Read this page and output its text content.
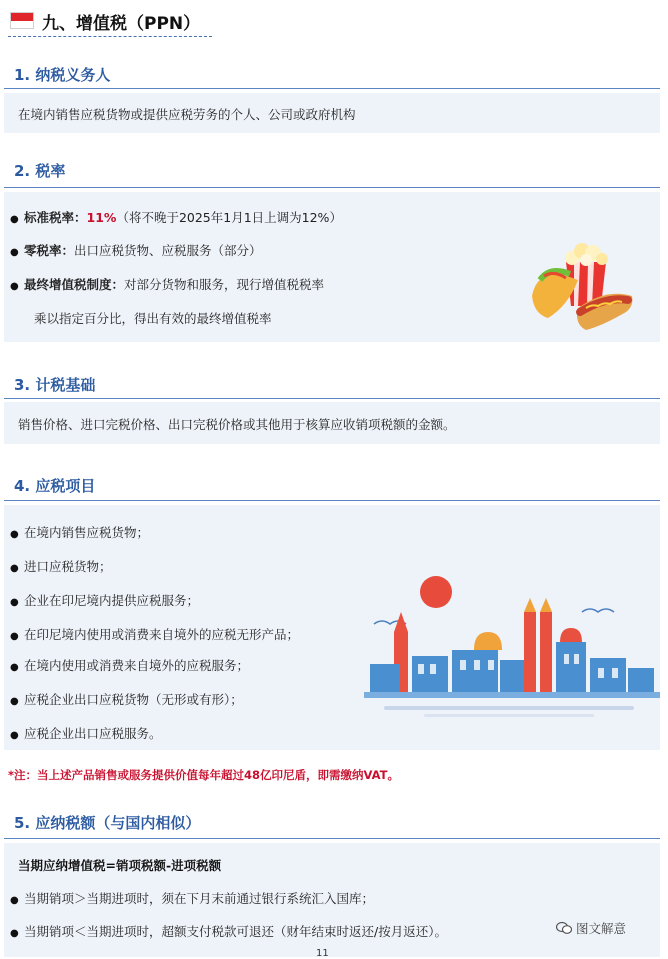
九、增值税（PPN）
1. 纳税义务人
在境内销售应税货物或提供应税劳务的个人、公司或政府机构
2. 税率
● 标准税率：11%（将不晚于2025年1月1日上调为12%）
● 零税率：出口应税货物、应税服务（部分）
● 最终增值税制度：对部分货物和服务，现行增值税税率
乘以指定百分比，得出有效的最终增值税率
3. 计税基础
销售价格、进口完税价格、出口完税价格或其他用于核算应收销项税额的金额。
4. 应税项目
● 在境内销售应税货物；
● 进口应税货物；
● 企业在印尼境内提供应税服务；
● 在印尼境内使用或消费来自境外的应税无形产品；
● 在境内使用或消费来自境外的应税服务；
● 应税企业出口应税货物（无形或有形）；
● 应税企业出口应税服务。
*注：当上述产品销售或服务提供价值每年超过48亿印尼盾，即需缴纳VAT。
5. 应纳税额（与国内相似）
当期应纳增值税=销项税额-进项税额
● 当期销项＞当期进项时，须在下月末前通过银行系统汇入国库；
● 当期销项＜当期进项时，超额支付税款可退还（财年结束时返还/按月返还）。	图文解意
11
